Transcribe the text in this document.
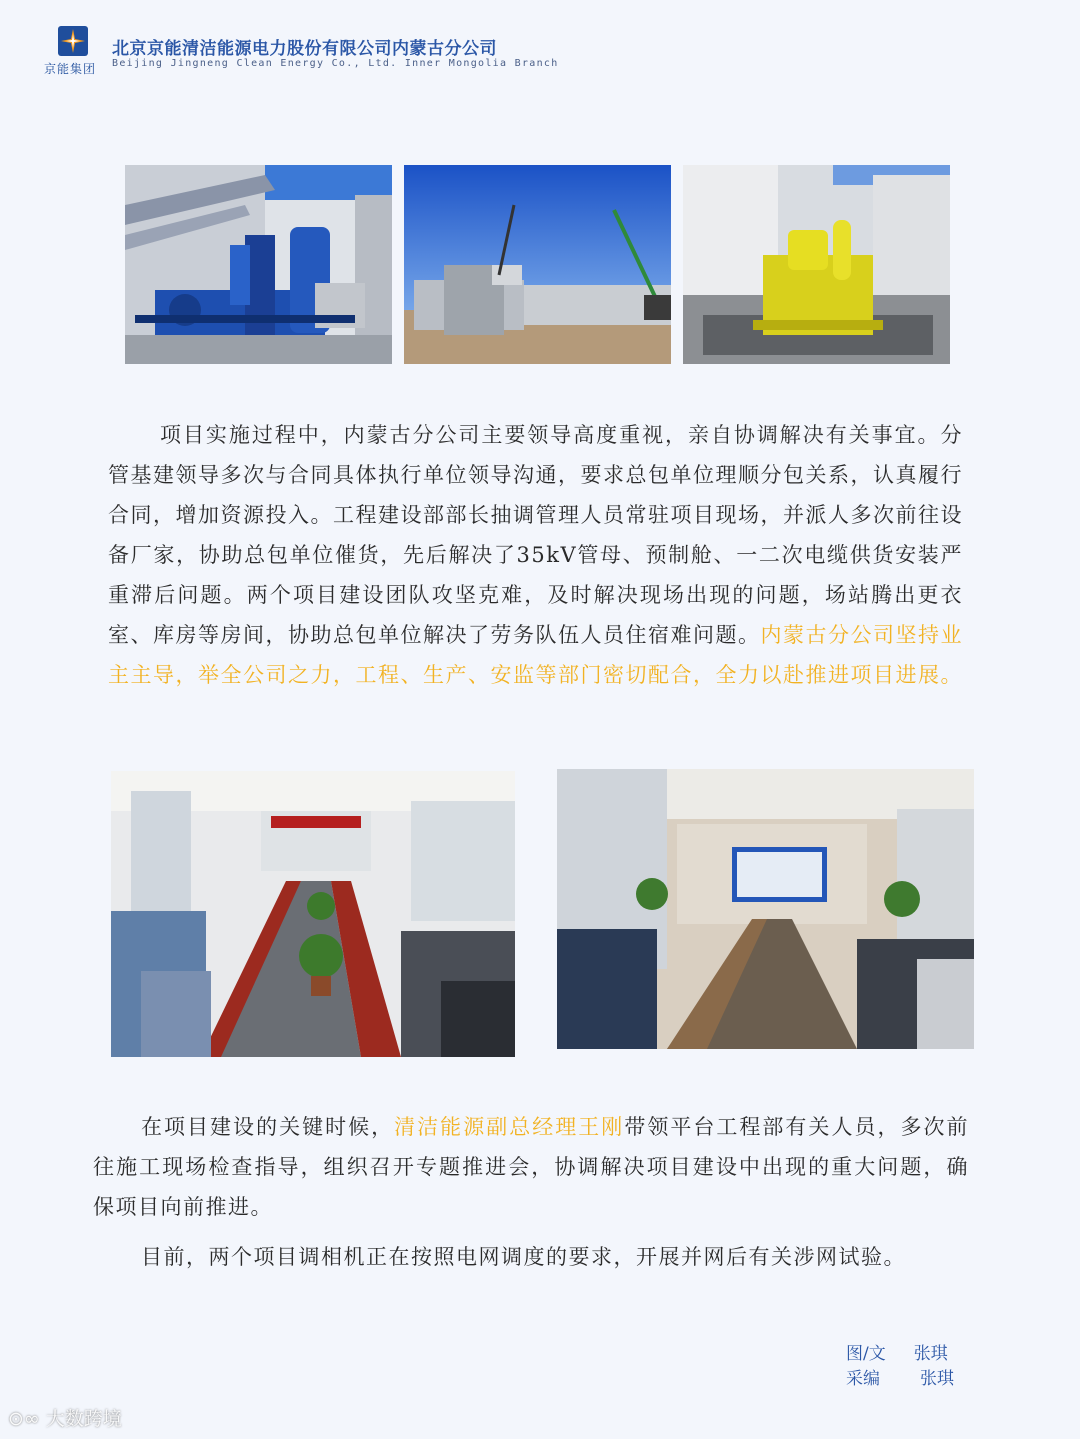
京能集团
北京京能清洁能源电力股份有限公司内蒙古分公司
Beijing Jingneng Clean Energy Co., Ltd. Inner Mongolia Branch

项目实施过程中，内蒙古分公司主要领导高度重视，亲自协调解决有关事宜。分管基建领导多次与合同具体执行单位领导沟通，要求总包单位理顺分包关系，认真履行合同，增加资源投入。工程建设部部长抽调管理人员常驻项目现场，并派人多次前往设备厂家，协助总包单位催货，先后解决了35kV管母、预制舱、一二次电缆供货安装严重滞后问题。两个项目建设团队攻坚克难，及时解决现场出现的问题，场站腾出更衣室、库房等房间，协助总包单位解决了劳务队伍人员住宿难问题。内蒙古分公司坚持业主主导，举全公司之力，工程、生产、安监等部门密切配合，全力以赴推进项目进展。

在项目建设的关键时候，清洁能源副总经理王刚带领平台工程部有关人员，多次前往施工现场检查指导，组织召开专题推进会，协调解决项目建设中出现的重大问题，确保项目向前推进。

目前，两个项目调相机正在按照电网调度的要求，开展并网后有关涉网试验。

图/文 张琪
采编 张琪
⊙∞ 大数跨境
